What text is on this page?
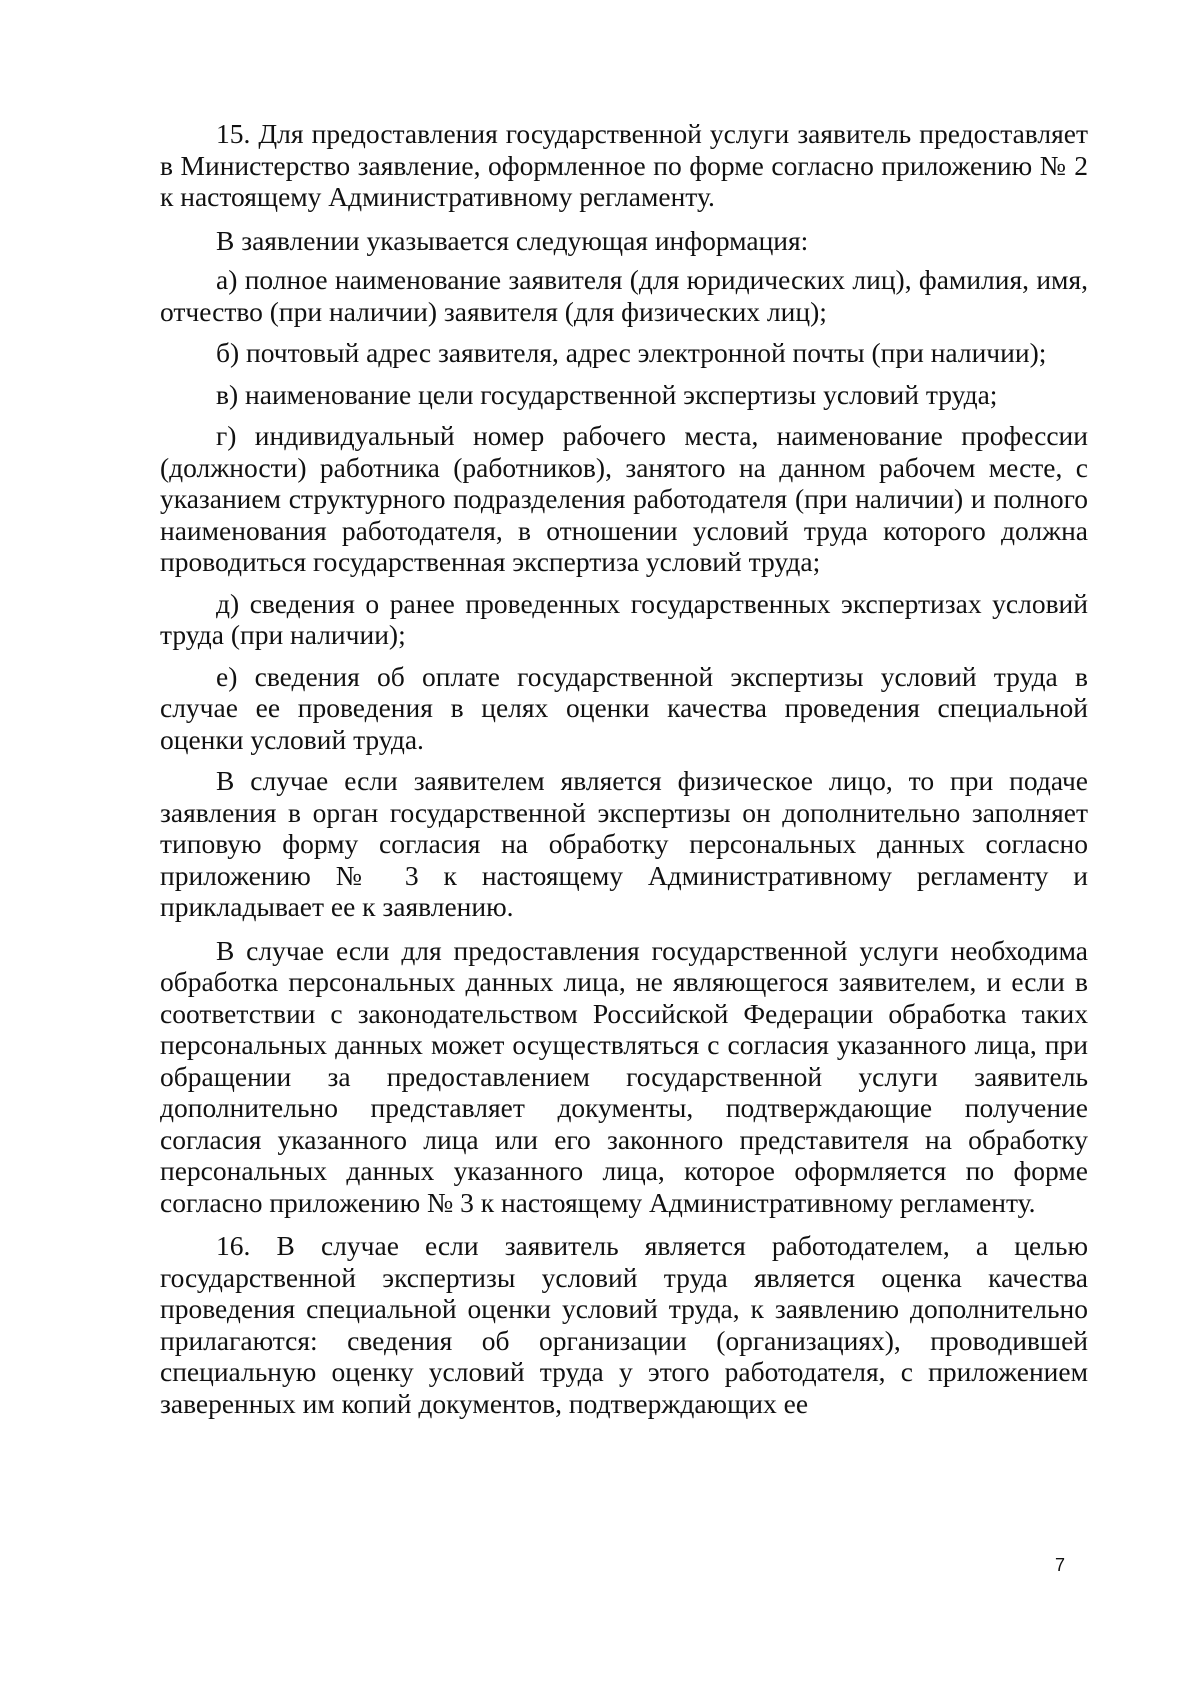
15. Для предоставления государственной услуги заявитель предоставляет в Министерство заявление, оформленное по форме согласно приложению № 2 к настоящему Административному регламенту.

В заявлении указывается следующая информация:

а) полное наименование заявителя (для юридических лиц), фамилия, имя, отчество (при наличии) заявителя (для физических лиц);

б) почтовый адрес заявителя, адрес электронной почты (при наличии);

в) наименование цели государственной экспертизы условий труда;

г) индивидуальный номер рабочего места, наименование профессии (должности) работника (работников), занятого на данном рабочем месте, с указанием структурного подразделения работодателя (при наличии) и полного наименования работодателя, в отношении условий труда которого должна проводиться государственная экспертиза условий труда;

д) сведения о ранее проведенных государственных экспертизах условий труда (при наличии);

е) сведения об оплате государственной экспертизы условий труда в случае ее проведения в целях оценки качества проведения специальной оценки условий труда.

В случае если заявителем является физическое лицо, то при подаче заявления в орган государственной экспертизы он дополнительно заполняет типовую форму согласия на обработку персональных данных согласно приложению № 3 к настоящему Административному регламенту и прикладывает ее к заявлению.

В случае если для предоставления государственной услуги необходима обработка персональных данных лица, не являющегося заявителем, и если в соответствии с законодательством Российской Федерации обработка таких персональных данных может осуществляться с согласия указанного лица, при обращении за предоставлением государственной услуги заявитель дополнительно представляет документы, подтверждающие получение согласия указанного лица или его законного представителя на обработку персональных данных указанного лица, которое оформляется по форме согласно приложению № 3 к настоящему Административному регламенту.

16. В случае если заявитель является работодателем, а целью государственной экспертизы условий труда является оценка качества проведения специальной оценки условий труда, к заявлению дополнительно прилагаются: сведения об организации (организациях), проводившей специальную оценку условий труда у этого работодателя, с приложением заверенных им копий документов, подтверждающих ее

7
